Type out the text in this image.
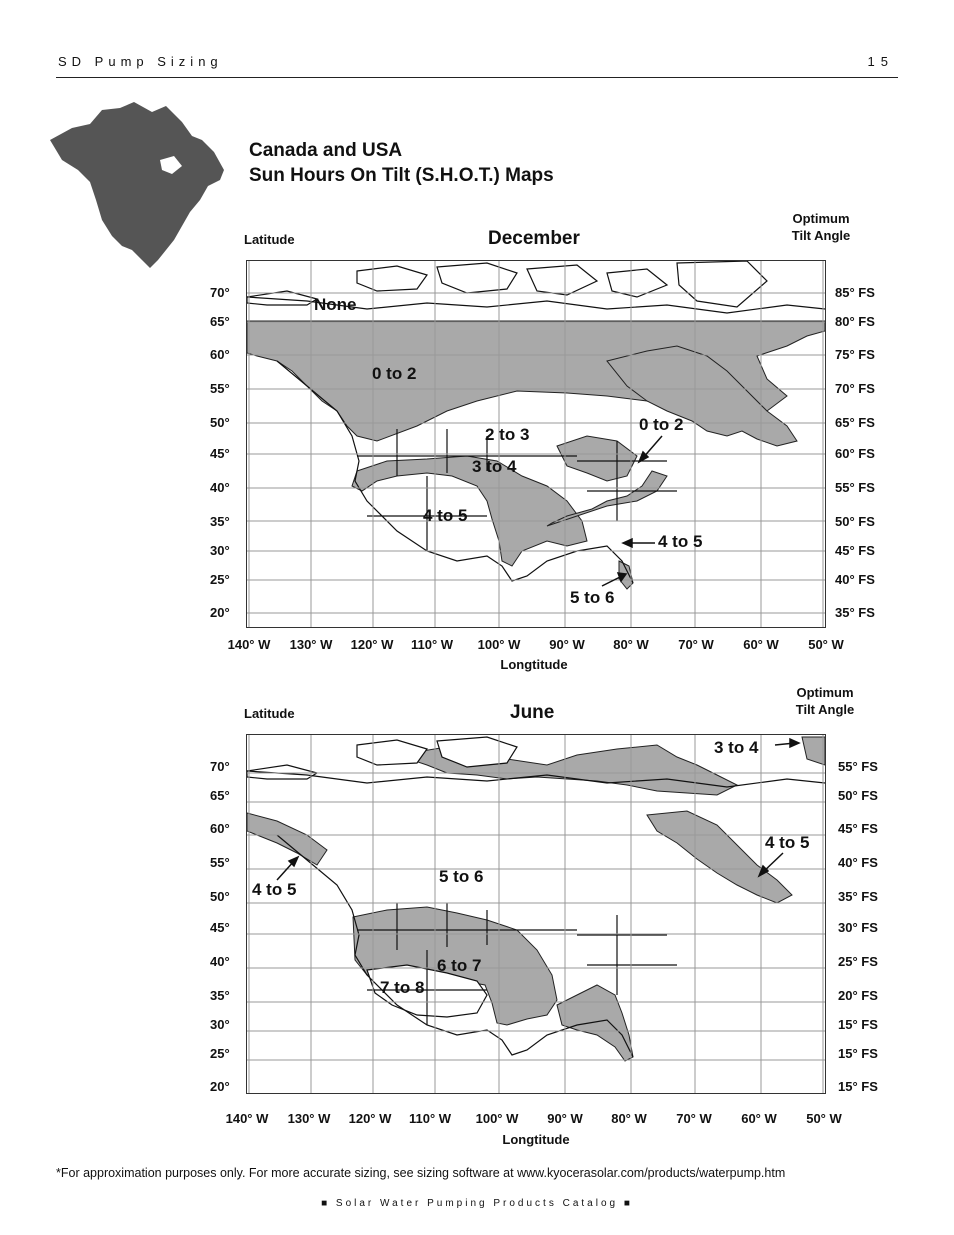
SD Pump Sizing	15
Canada and USA
Sun Hours On Tilt (S.H.O.T.) Maps
Latitude	December
Optimum Tilt Angle
70°
65°
60°
55°
50°
45°
40°
35°
30°
25°
20°
85° FS
80° FS
75° FS
70° FS
65° FS
60° FS
55° FS
50° FS
45° FS
40° FS
35° FS
140° W	130° W	120° W	110° W	100° W	90° W	80° W	70° W	60° W	50° W
Longtitude
None
0 to 2
2 to 3
3 to 4
0 to 2
4 to 5
4 to 5
5 to 6
Latitude	June
Optimum Tilt Angle
70°
65°
60°
55°
50°
45°
40°
35°
30°
25°
20°
55° FS
50° FS
45° FS
40° FS
35° FS
30° FS
25° FS
20° FS
15° FS
15° FS
15° FS
140° W	130° W	120° W	110° W	100° W	90° W	80° W	70° W	60° W	50° W
Longtitude
3 to 4
4 to 5
5 to 6
4 to 5
6 to 7
7 to 8
*For approximation purposes only. For more accurate sizing, see sizing software at www.kyocerasolar.com/products/waterpump.htm
■ Solar Water Pumping Products Catalog ■
